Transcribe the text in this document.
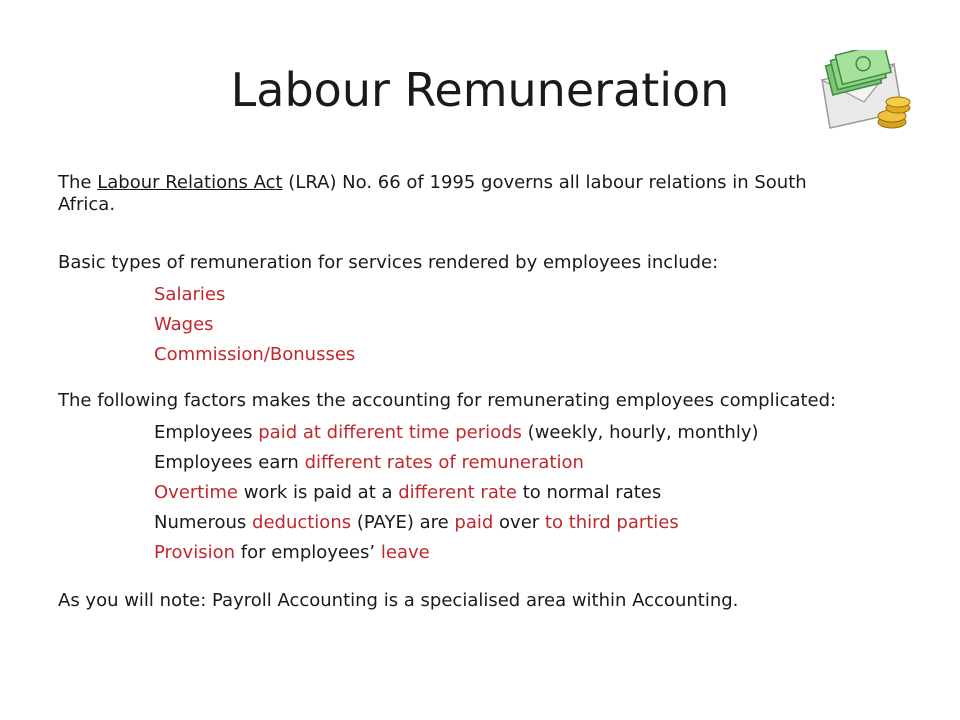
Labour Remuneration

The Labour Relations Act (LRA) No. 66 of 1995 governs all labour relations in South Africa.

Basic types of remuneration for services rendered by employees include:

Salaries
Wages
Commission/Bonusses

The following factors makes the accounting for remunerating employees complicated:

Employees paid at different time periods (weekly, hourly, monthly)
Employees earn different rates of remuneration
Overtime work is paid at a different rate to normal rates
Numerous deductions (PAYE) are paid over to third parties
Provision for employees’ leave

As you will note: Payroll Accounting is a specialised area within Accounting.
